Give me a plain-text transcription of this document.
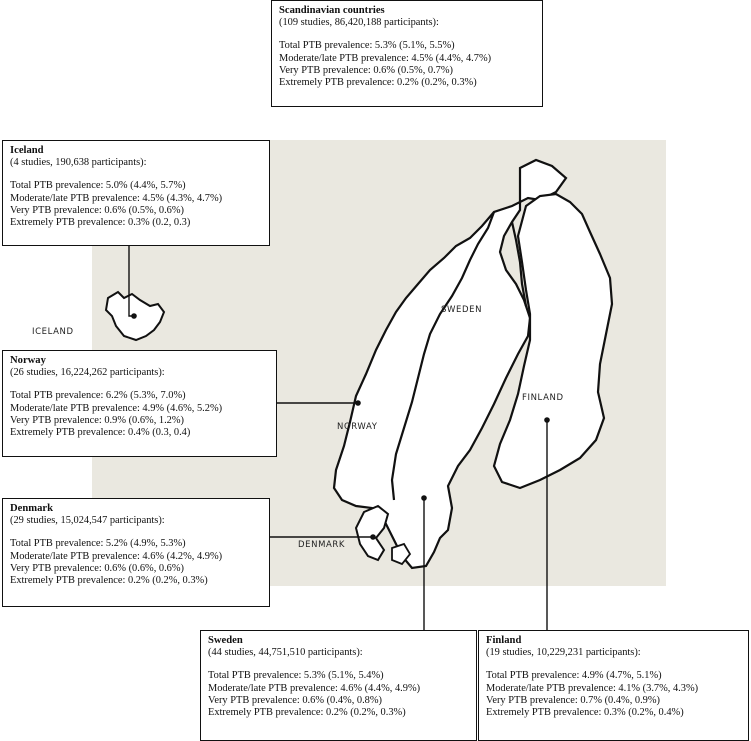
ICELAND
SWEDEN
NORWAY
FINLAND
DENMARK
Scandinavian countries
(109 studies, 86,420,188 participants):
Total PTB prevalence: 5.3% (5.1%, 5.5%)
Moderate/late PTB prevalence: 4.5% (4.4%, 4.7%)
Very PTB prevalence: 0.6% (0.5%, 0.7%)
Extremely PTB prevalence: 0.2% (0.2%, 0.3%)
Iceland
(4 studies, 190,638 participants):
Total PTB prevalence: 5.0% (4.4%, 5.7%)
Moderate/late PTB prevalence: 4.5% (4.3%, 4.7%)
Very PTB prevalence: 0.6% (0.5%, 0.6%)
Extremely PTB prevalence: 0.3% (0.2, 0.3)
Norway
(26 studies, 16,224,262 participants):
Total PTB prevalence: 6.2% (5.3%, 7.0%)
Moderate/late PTB prevalence: 4.9% (4.6%, 5.2%)
Very PTB prevalence: 0.9% (0.6%, 1.2%)
Extremely PTB prevalence: 0.4% (0.3, 0.4)
Denmark
(29 studies, 15,024,547 participants):
Total PTB prevalence: 5.2% (4.9%, 5.3%)
Moderate/late PTB prevalence: 4.6% (4.2%, 4.9%)
Very PTB prevalence: 0.6% (0.6%, 0.6%)
Extremely PTB prevalence: 0.2% (0.2%, 0.3%)
Sweden
(44 studies, 44,751,510 participants):
Total PTB prevalence: 5.3% (5.1%, 5.4%)
Moderate/late PTB prevalence: 4.6% (4.4%, 4.9%)
Very PTB prevalence: 0.6% (0.4%, 0.8%)
Extremely PTB prevalence: 0.2% (0.2%, 0.3%)
Finland
(19 studies, 10,229,231 participants):
Total PTB prevalence: 4.9% (4.7%, 5.1%)
Moderate/late PTB prevalence: 4.1% (3.7%, 4.3%)
Very PTB prevalence: 0.7% (0.4%, 0.9%)
Extremely PTB prevalence: 0.3% (0.2%, 0.4%)
